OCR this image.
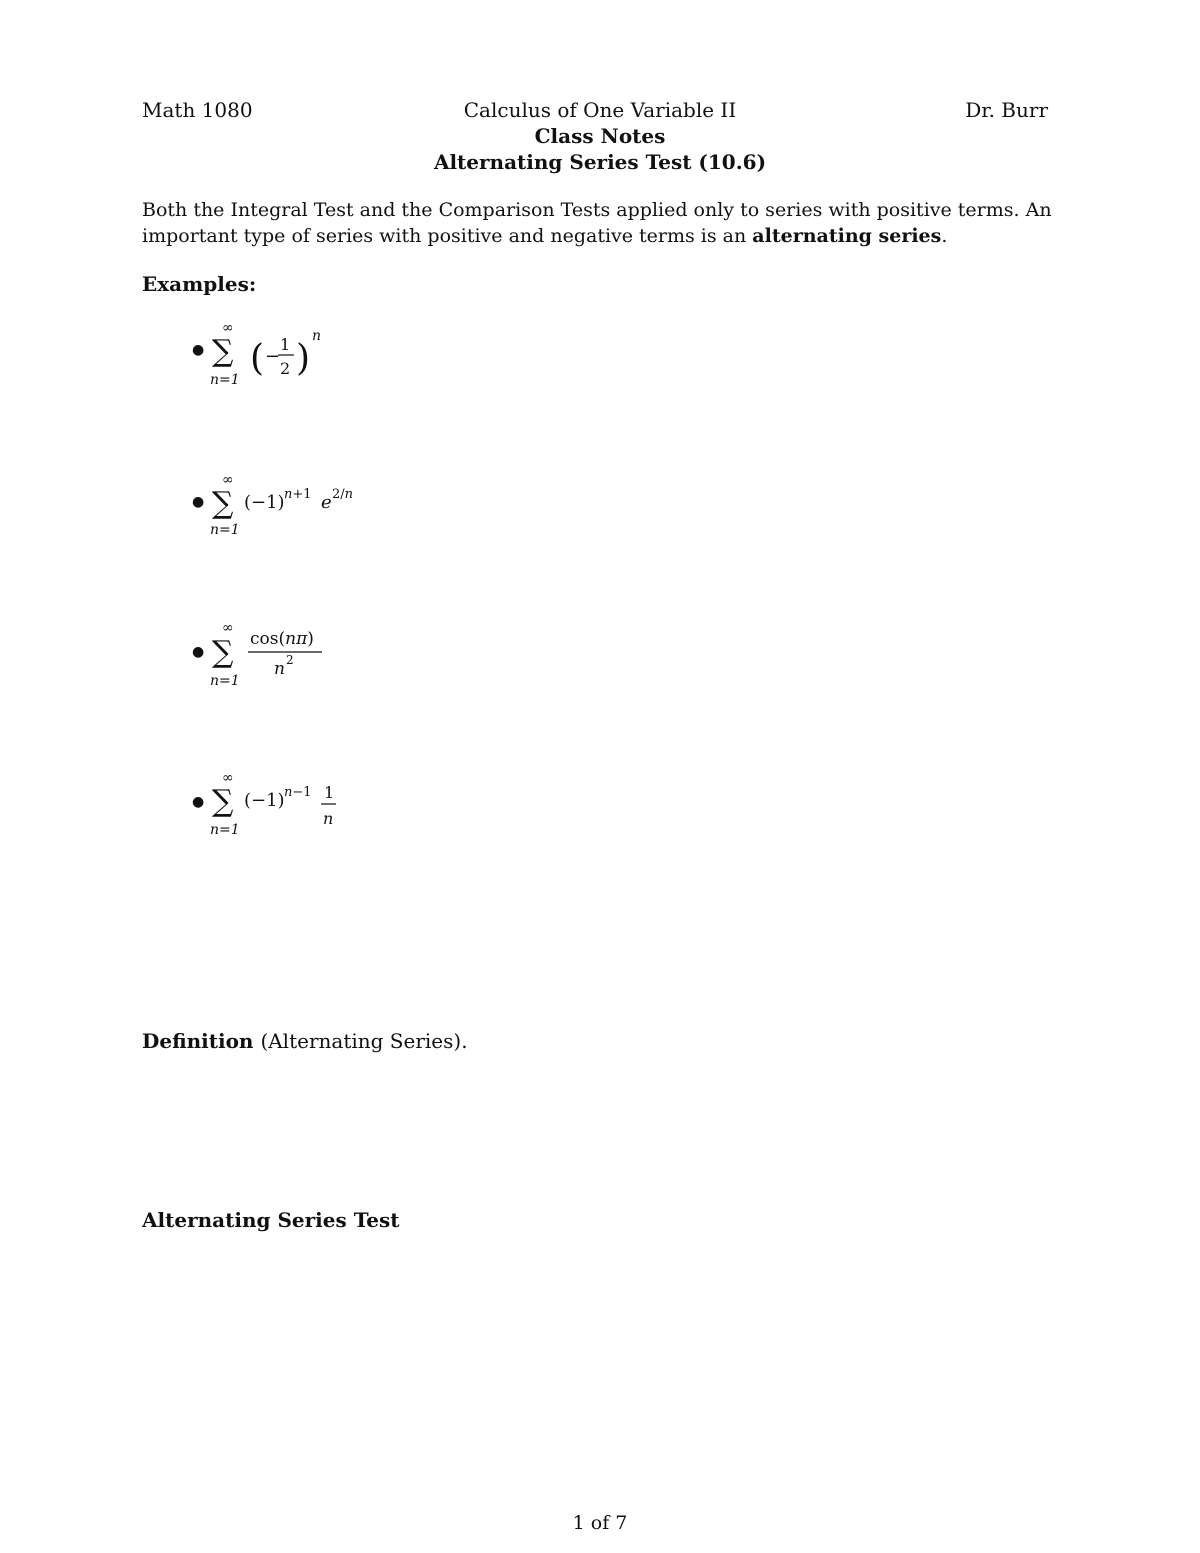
Math 1080	Calculus of One Variable II	Dr. Burr
Class Notes
Alternating Series Test (10.6)
Both the Integral Test and the Comparison Tests applied only to series with positive terms. An important type of series with positive and negative terms is an alternating series.
Examples:
●
∞
∑
n=1
( −
1
2 )
n
●
∞
∑
n=1
(−1) n+1 e 2/n
●
∞
∑
n=1
cos(nπ)
n 2
●
∞
∑
n=1
(−1) n−1 1
n
Definition (Alternating Series).
Alternating Series Test
1 of 7
